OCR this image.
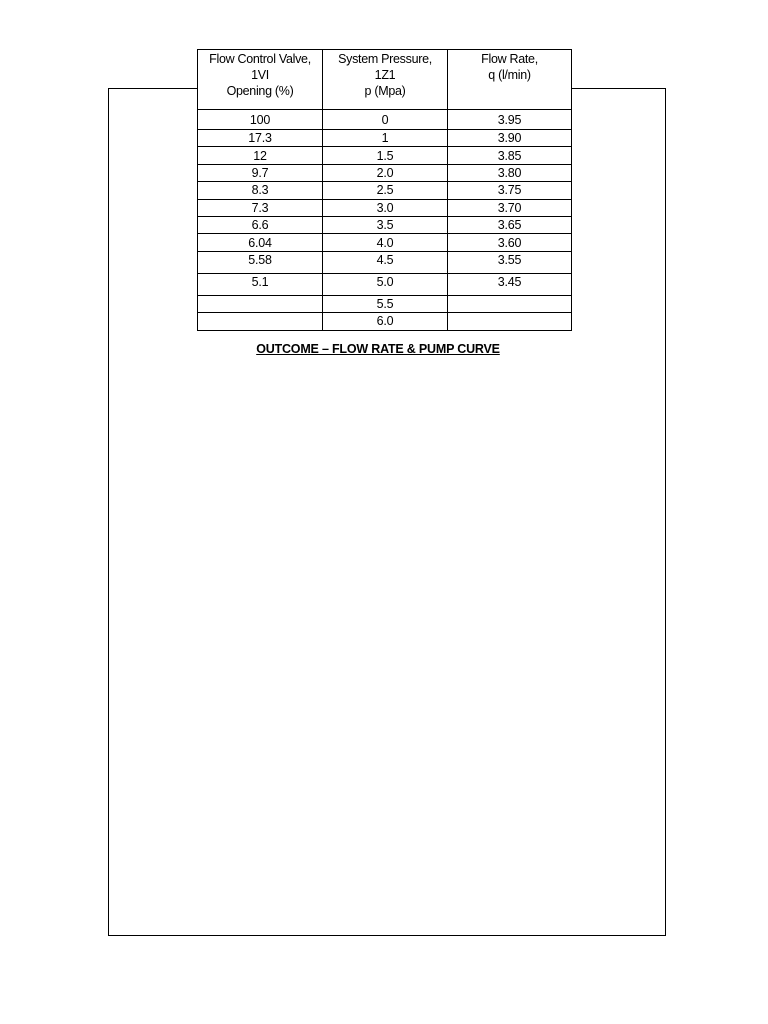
Flow Control Valve,
1VI
Opening (%)	System Pressure,
1Z1
p (Mpa)	Flow Rate,
q (l/min)

100	0	3.95
17.3	1	3.90
12	1.5	3.85
9.7	2.0	3.80
8.3	2.5	3.75
7.3	3.0	3.70
6.6	3.5	3.65
6.04	4.0	3.60
5.58	4.5	3.55
5.1	5.0	3.45
	5.5	
	6.0	
OUTCOME – FLOW RATE & PUMP CURVE
